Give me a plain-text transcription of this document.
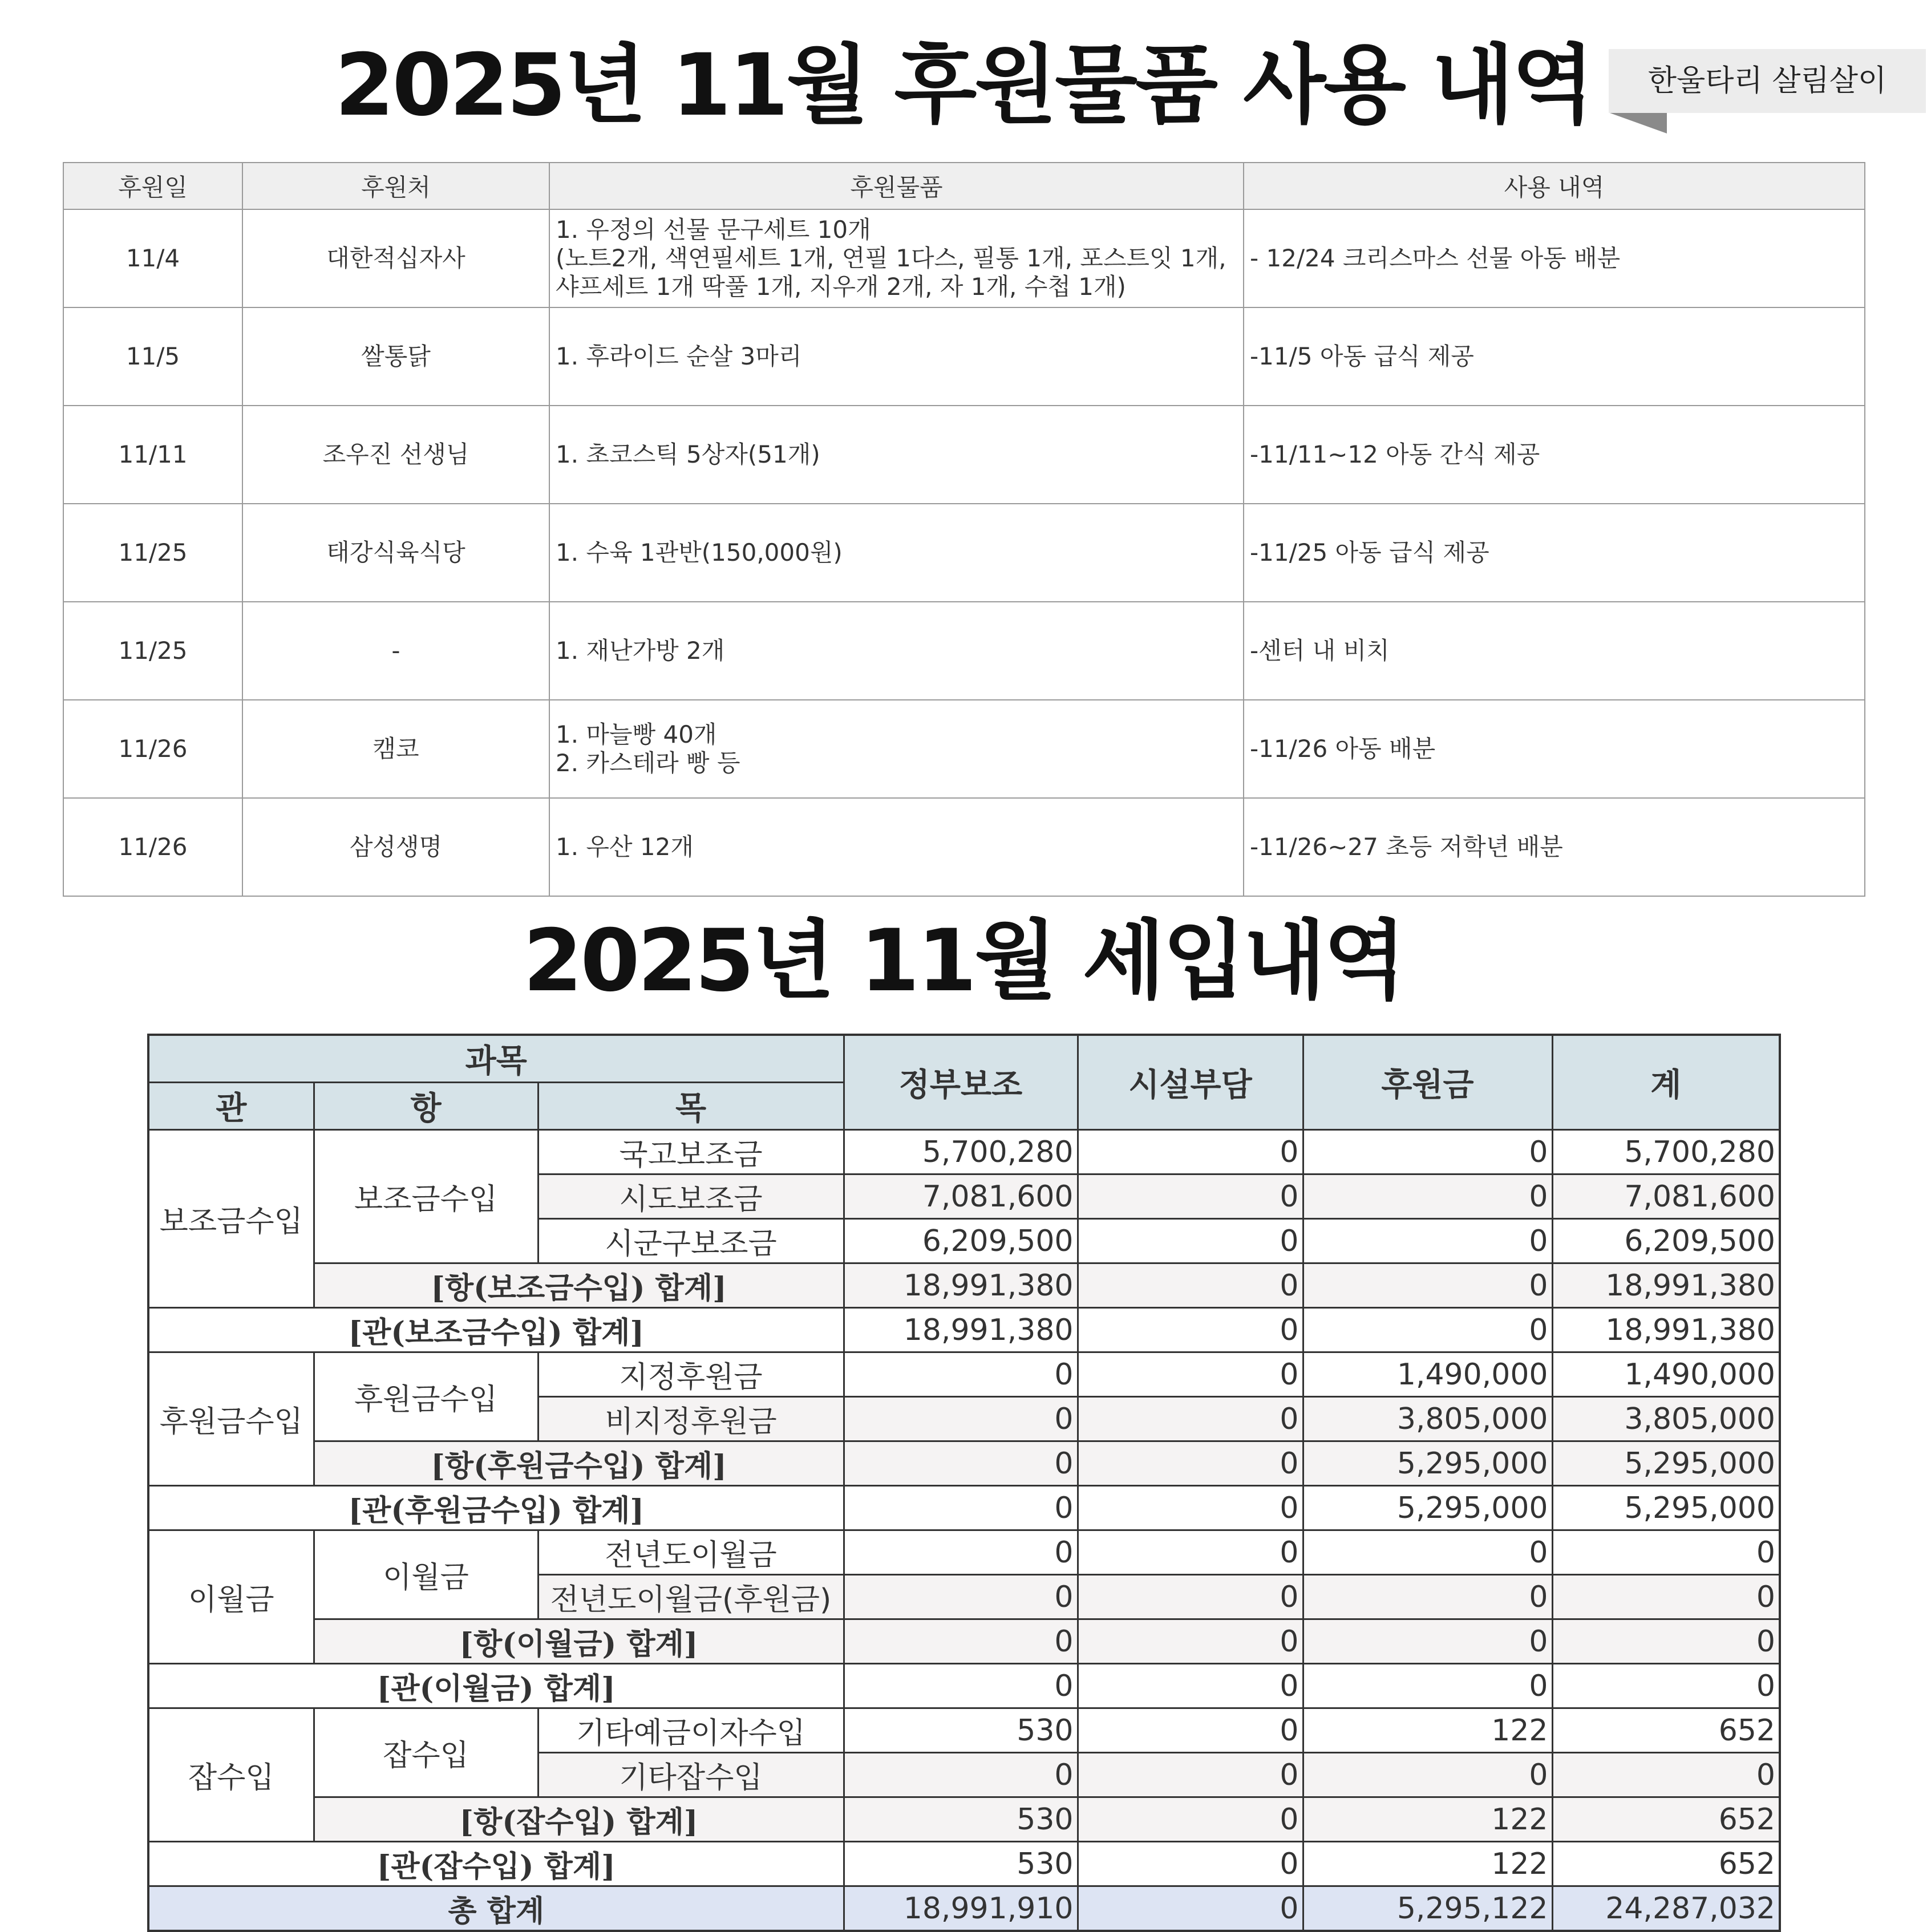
2025년 11월 후원물품 사용 내역	한울타리 살림살이
후원일	후원처	후원물품	사용 내역
11/4	대한적십자사	1. 우정의 선물 문구세트 10개
(노트2개, 색연필세트 1개, 연필 1다스, 필통 1개, 포스트잇 1개,
샤프세트 1개 딱풀 1개, 지우개 2개, 자 1개, 수첩 1개)	- 12/24 크리스마스 선물 아동 배분
11/5	쌀통닭	1. 후라이드 순살 3마리	-11/5 아동 급식 제공
11/11	조우진 선생님	1. 초코스틱 5상자(51개)	-11/11~12 아동 간식 제공
11/25	태강식육식당	1. 수육 1관반(150,000원)	-11/25 아동 급식 제공
11/25	-	1. 재난가방 2개	-센터 내 비치
11/26	캠코	1. 마늘빵 40개
2. 카스테라 빵 등	-11/26 아동 배분
11/26	삼성생명	1. 우산 12개	-11/26~27 초등 저학년 배분
2025년 11월 세입내역
과목			정부보조	시설부담	후원금	계
관	항	목				
보조금수입	보조금수입	국고보조금	5,700,280	0	0	5,700,280
		시도보조금	7,081,600	0	0	7,081,600
		시군구보조금	6,209,500	0	0	6,209,500
	[항(보조금수입) 합계]		18,991,380	0	0	18,991,380
[관(보조금수입) 합계]			18,991,380	0	0	18,991,380
후원금수입	후원금수입	지정후원금	0	0	1,490,000	1,490,000
		비지정후원금	0	0	3,805,000	3,805,000
	[항(후원금수입) 합계]		0	0	5,295,000	5,295,000
[관(후원금수입) 합계]			0	0	5,295,000	5,295,000
이월금	이월금	전년도이월금	0	0	0	0
		전년도이월금(후원금)	0	0	0	0
	[항(이월금) 합계]		0	0	0	0
[관(이월금) 합계]			0	0	0	0
잡수입	잡수입	기타예금이자수입	530	0	122	652
		기타잡수입	0	0	0	0
	[항(잡수입) 합계]		530	0	122	652
[관(잡수입) 합계]			530	0	122	652
총 합계			18,991,910	0	5,295,122	24,287,032
